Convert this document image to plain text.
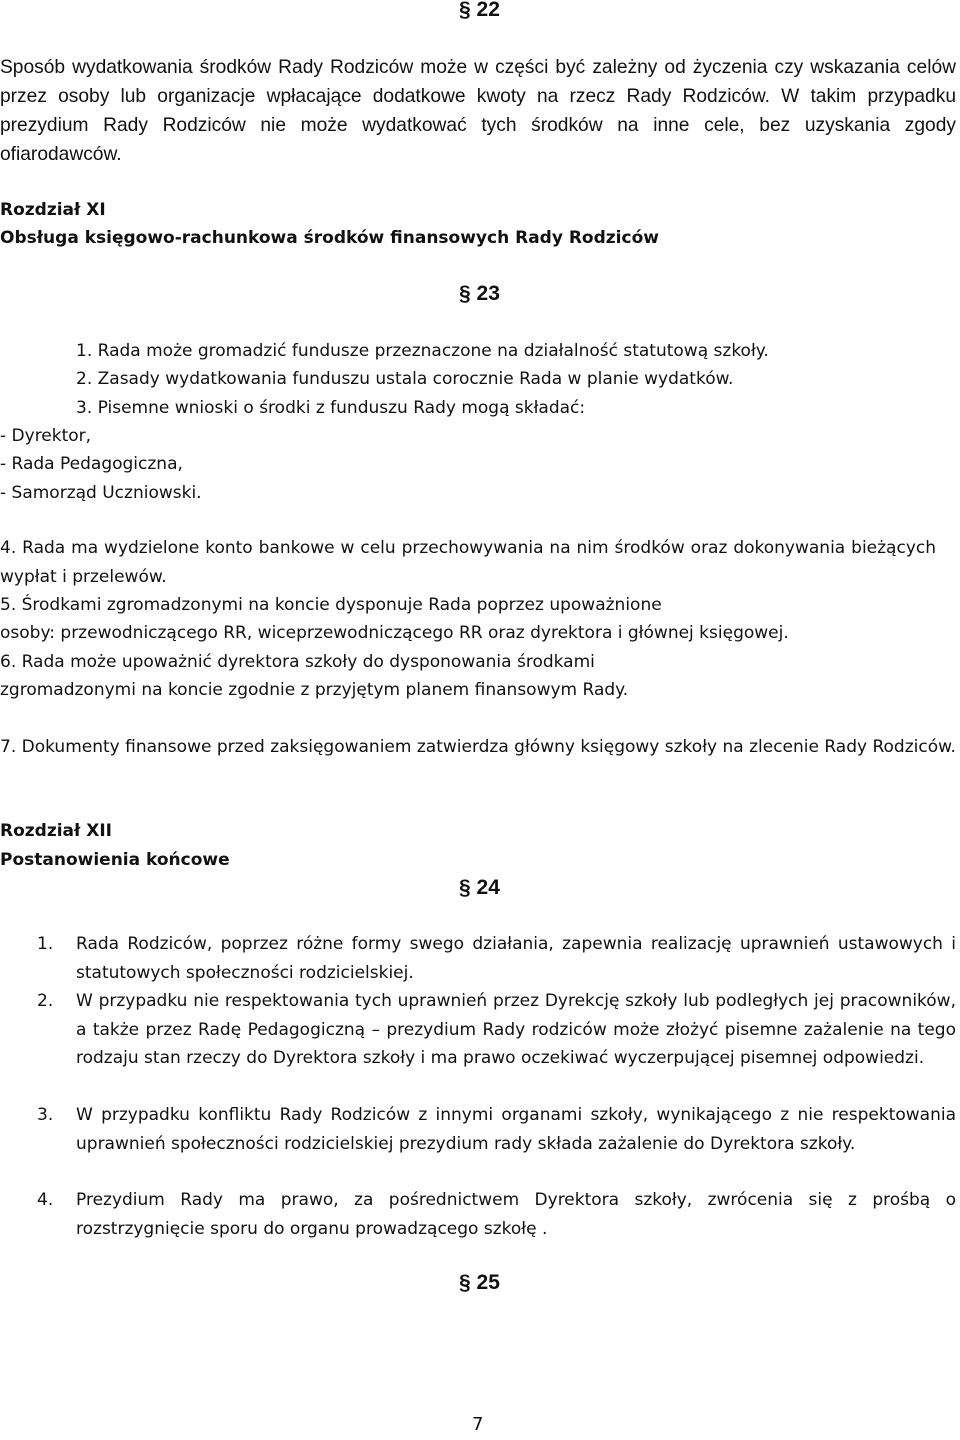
§ 22
Sposób wydatkowania środków Rady Rodziców może w części być zależny od życzenia czy wskazania celów przez osoby lub organizacje wpłacające dodatkowe kwoty na rzecz Rady Rodziców. W takim przypadku prezydium Rady Rodziców nie może wydatkować tych środków na inne cele, bez uzyskania zgody ofiarodawców.
Rozdział XI
Obsługa księgowo-rachunkowa środków finansowych Rady Rodziców
§ 23
1. Rada może gromadzić fundusze przeznaczone na działalność statutową szkoły.
2. Zasady wydatkowania funduszu ustala corocznie Rada w planie wydatków.
3. Pisemne wnioski o środki z funduszu Rady mogą składać:
- Dyrektor,
- Rada Pedagogiczna,
- Samorząd Uczniowski.
4. Rada ma wydzielone konto bankowe w celu przechowywania na nim środków oraz dokonywania bieżących wypłat i przelewów.
5. Środkami zgromadzonymi na koncie dysponuje Rada poprzez upoważnione
osoby: przewodniczącego RR, wiceprzewodniczącego RR oraz dyrektora i głównej księgowej.
6. Rada może upoważnić dyrektora szkoły do dysponowania środkami
zgromadzonymi na koncie zgodnie z przyjętym planem finansowym Rady.
7. Dokumenty finansowe przed zaksięgowaniem zatwierdza główny księgowy szkoły na zlecenie Rady Rodziców.
Rozdział XII
Postanowienia końcowe
§ 24
1. Rada Rodziców, poprzez różne formy swego działania, zapewnia realizację uprawnień ustawowych i statutowych społeczności rodzicielskiej.
2. W przypadku nie respektowania tych uprawnień przez Dyrekcję szkoły lub podległych jej pracowników, a także przez Radę Pedagogiczną – prezydium Rady rodziców może złożyć pisemne zażalenie na tego rodzaju stan rzeczy do Dyrektora szkoły i ma prawo oczekiwać wyczerpującej pisemnej odpowiedzi.
3. W przypadku konfliktu Rady Rodziców z innymi organami szkoły, wynikającego z nie respektowania uprawnień społeczności rodzicielskiej prezydium rady składa zażalenie do Dyrektora szkoły.
4. Prezydium Rady ma prawo, za pośrednictwem Dyrektora szkoły, zwrócenia się z prośbą o rozstrzygnięcie sporu do organu prowadzącego szkołę .
§ 25
7
